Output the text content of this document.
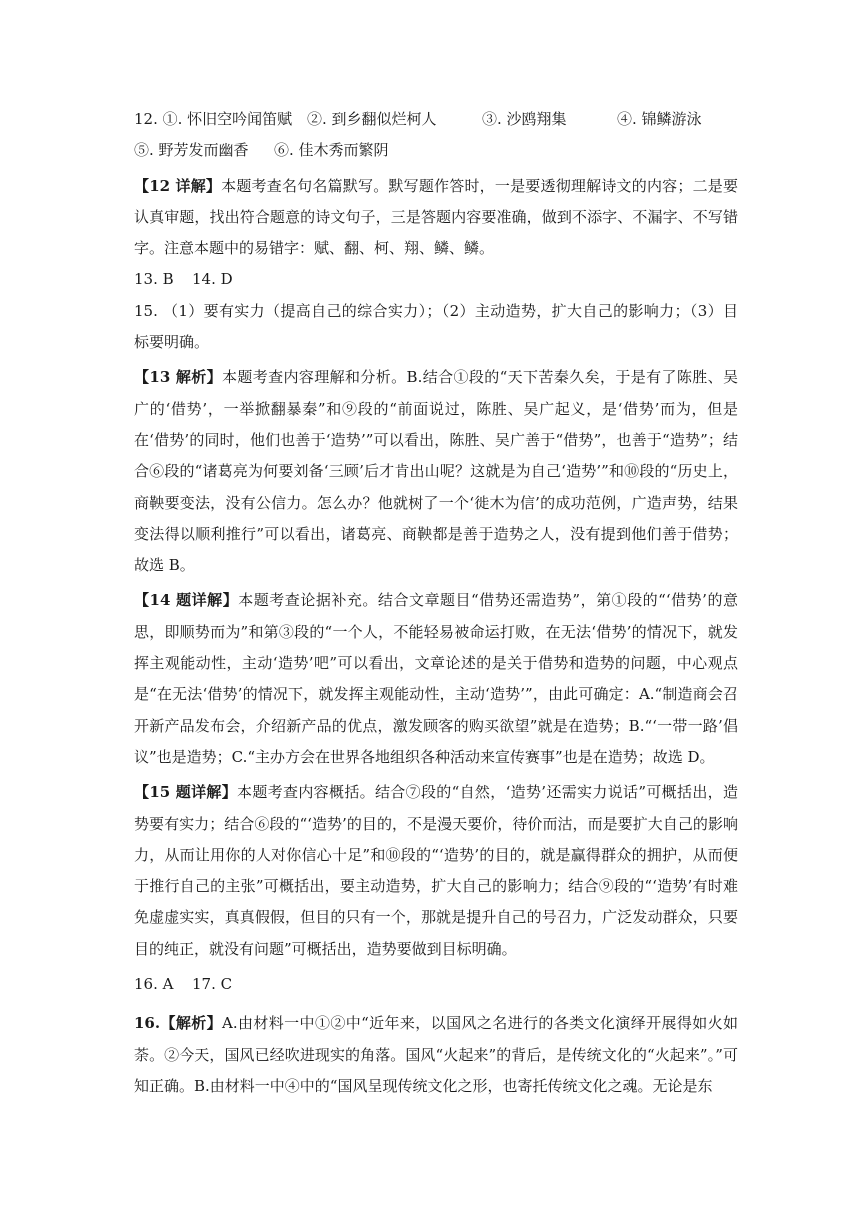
12. ①. 怀旧空吟闻笛赋 ②. 到乡翻似烂柯人	③. 沙鸥翔集	④. 锦鳞游泳
⑤. 野芳发而幽香 ⑥. 佳木秀而繁阴

【12 详解】本题考查名句名篇默写。默写题作答时，一是要透彻理解诗文的内容；二是要认真审题，找出符合题意的诗文句子，三是答题内容要准确，做到不添字、不漏字、不写错字。注意本题中的易错字：赋、翻、柯、翔、鳞、鳞。

13. B 14. D

15. （1）要有实力（提高自己的综合实力）；（2）主动造势，扩大自己的影响力；（3）目标要明确。

【13 解析】本题考查内容理解和分析。B.结合①段的“天下苦秦久矣，于是有了陈胜、吴广的‘借势’，一举掀翻暴秦”和⑨段的“前面说过，陈胜、吴广起义，是‘借势’而为，但是在‘借势’的同时，他们也善于‘造势’”可以看出，陈胜、吴广善于“借势”，也善于“造势”；结合⑥段的“诸葛亮为何要刘备‘三顾’后才肯出山呢？这就是为自己‘造势’”和⑩段的“历史上，商鞅要变法，没有公信力。怎么办？他就树了一个‘徙木为信’的成功范例，广造声势，结果变法得以顺利推行”可以看出，诸葛亮、商鞅都是善于造势之人，没有提到他们善于借势；故选 B。

【14 题详解】本题考查论据补充。结合文章题目“借势还需造势”，第①段的“‘借势’的意思，即顺势而为”和第③段的“一个人，不能轻易被命运打败，在无法‘借势’的情况下，就发挥主观能动性，主动‘造势’吧”可以看出，文章论述的是关于借势和造势的问题，中心观点是“在无法‘借势’的情况下，就发挥主观能动性，主动‘造势’”，由此可确定：A.“制造商会召开新产品发布会，介绍新产品的优点，激发顾客的购买欲望”就是在造势；B.“‘一带一路’倡议”也是造势；C.“主办方会在世界各地组织各种活动来宣传赛事”也是在造势；故选 D。

【15 题详解】本题考查内容概括。结合⑦段的“自然，‘造势’还需实力说话”可概括出，造势要有实力；结合⑥段的“‘造势’的目的，不是漫天要价，待价而沽，而是要扩大自己的影响力，从而让用你的人对你信心十足”和⑩段的“‘造势’的目的，就是赢得群众的拥护，从而便于推行自己的主张”可概括出，要主动造势，扩大自己的影响力；结合⑨段的“‘造势’有时难免虚虚实实，真真假假，但目的只有一个，那就是提升自己的号召力，广泛发动群众，只要目的纯正，就没有问题”可概括出，造势要做到目标明确。

16. A 17. C

16.【解析】A.由材料一中①②中“近年来，以国风之名进行的各类文化演绎开展得如火如荼。②今天，国风已经吹进现实的角落。国风“火起来”的背后，是传统文化的“火起来”。”可知正确。B.由材料一中④中的“国风呈现传统文化之形，也寄托传统文化之魂。无论是东
